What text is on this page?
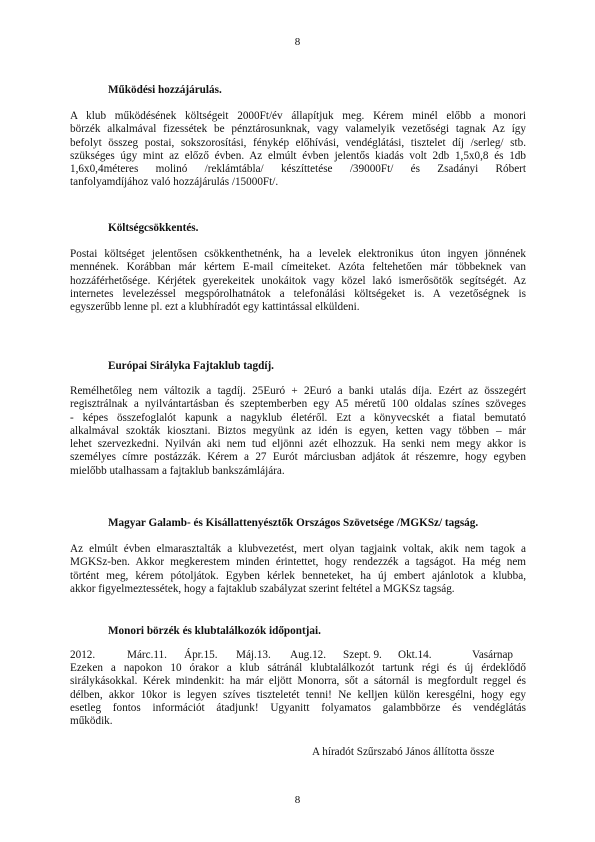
8
Működési hozzájárulás.
A klub működésének költségeit 2000Ft/év állapítjuk meg. Kérem minél előbb a monori
börzék alkalmával fizessétek be pénztárosunknak, vagy valamelyik vezetőségi tagnak Az így
befolyt összeg postai, sokszorosítási, fénykép előhívási, vendéglátási, tisztelet díj /serleg/ stb.
szükséges úgy mint az előző évben. Az elmúlt évben jelentős kiadás volt 2db 1,5x0,8 és 1db
1,6x0,4méteres molinó /reklámtábla/ készíttetése /39000Ft/ és Zsadányi Róbert
tanfolyamdíjához való hozzájárulás /15000Ft/.
Költségcsökkentés.
Postai költséget jelentősen csökkenthetnénk, ha a levelek elektronikus úton ingyen jönnének
mennének. Korábban már kértem E-mail címeiteket. Azóta feltehetően már többeknek van
hozzáférhetősége. Kérjétek gyerekeitek unokáitok vagy közel lakó ismerősötök segítségét. Az
internetes levelezéssel megspórolhatnátok a telefonálási költségeket is. A vezetőségnek is
egyszerűbb lenne pl. ezt a klubhíradót egy kattintással elküldeni.
Európai Sirályka Fajtaklub tagdíj.
Remélhetőleg nem változik a tagdíj. 25Euró + 2Euró a banki utalás díja. Ezért az összegért
regisztrálnak a nyilvántartásban és szeptemberben egy A5 méretű 100 oldalas színes szöveges
- képes összefoglalót kapunk a nagyklub életéről. Ezt a könyvecskét a fiatal bemutató
alkalmával szokták kiosztani. Biztos megyünk az idén is egyen, ketten vagy többen – már
lehet szervezkedni. Nyilván aki nem tud eljönni azét elhozzuk. Ha senki nem megy akkor is
személyes címre postázzák. Kérem a 27 Eurót márciusban adjátok át részemre, hogy egyben
mielőbb utalhassam a fajtaklub bankszámlájára.
Magyar Galamb- és Kisállattenyésztők Országos Szövetsége /MGKSz/ tagság.
Az elmúlt évben elmarasztalták a klubvezetést, mert olyan tagjaink voltak, akik nem tagok a
MGKSz-ben. Akkor megkerestem minden érintettet, hogy rendezzék a tagságot. Ha még nem
történt meg, kérem pótoljátok. Egyben kérlek benneteket, ha új embert ajánlotok a klubba,
akkor figyelmeztessétek, hogy a fajtaklub szabályzat szerint feltétel a MGKSz tagság.
Monori börzék és klubtalálkozók időpontjai.
2012.	Márc.11. Ápr.15. Máj.13. Aug.12. Szept. 9. Okt.14.	Vasárnap
Ezeken a napokon 10 órakor a klub sátránál klubtalálkozót tartunk régi és új érdeklődő
sirálykásokkal. Kérek mindenkit: ha már eljött Monorra, sőt a sátornál is megfordult reggel és
délben, akkor 10kor is legyen szíves tiszteletét tenni! Ne kelljen külön keresgélni, hogy egy
esetleg fontos információt átadjunk! Ugyanitt folyamatos galambbörze és vendéglátás
működik.
A híradót Szűrszabó János állította össze
8
